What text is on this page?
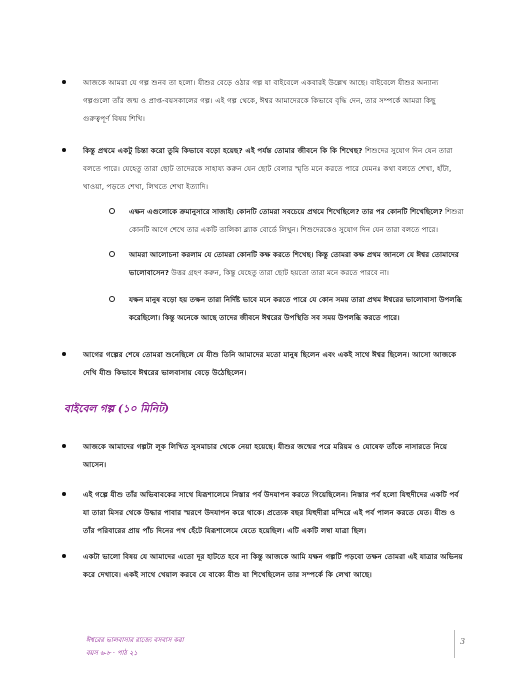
আজকে আমরা যে গল্প শুনব তা হলো। যীশুর বেড়ে ওঠার গল্প যা বাইবেলে একবারই উল্লেখ আছে। বাইবেলে যীশুর অন্যান্য গল্পগুলো তাঁর জন্ম ও প্রাপ্ত-বয়সকালের গল্প। এই গল্প থেকে, ঈশ্বর আমাদেরকে কিভাবে বৃদ্ধি দেন, তার সম্পর্কে আমরা কিছু গুরুত্বপূর্ণ বিষয় শিখি।
কিন্তু প্রথমে একটু চিন্তা করো তুমি কিভাবে বড়ো হয়েছ? এই পর্যন্ত তোমার জীবনে কি কি শিখেছ? শিশুদের সুযোগ দিন যেন তারা বলতে পারে। যেহেতু তারা ছোট তাদেরকে সাহায্য করুন যেন ছোট বেলার স্মৃতি মনে করতে পারে যেমনঃ কথা বলতে শেখা, হাঁটা, খাওয়া, পড়তে শেখা, লিখতে শেখা ইত্যাদি।
এক্ষন এগুলোকে ক্রমানুসারে সাজাই। কোনটি তোমরা সবচেয়ে প্রথমে শিখেছিলে? তার পর কোনটি শিখেছিলে? শিশুরা কোনটি আগে শেখে তার একটি তালিকা ব্ল্যাক বোর্ডে লিখুন। শিশুদেরকেও সুযোগ দিন যেন তারা বলতে পারে।
আমরা আলোচনা করলাম যে তোমরা কোনটি কক্ষ করতে শিখেছ। কিন্তু তোমরা কক্ষ প্রথম জানলে যে ঈশ্বর তোমাদের ভালোবাসেন? উত্তর গ্রহণ করুন, কিন্তু যেহেতু তারা ছোট হয়তো তারা মনে করতে পারবে না।
যক্ষন মানুষ বড়ো হয় তক্ষন তারা নির্দিষ্ট ভাবে মনে করতে পারে যে কোন সময় তারা প্রথম ঈশ্বরের ভালোবাসা উপলব্ধি করেছিলো। কিন্তু অনেকে আছে তাদের জীবনে ঈশ্বরের উপস্থিতি সব সময় উপলব্ধি করতে পারে।
আগের গল্পের শেষে তোমরা শুনেছিলে যে যীশু তিনি আমাদের মতো মানুষ ছিলেন এবং একই সাথে ঈশ্বর ছিলেন। আসো আজকে দেখি যীশু কিভাবে ঈশ্বরের ভালবাসায় বেড়ে উঠেছিলেন।
বাইবেল গল্প (১০ মিনিট)
আজকে আমাদের গল্পটা লূক লিখিত সুসমাচার থেকে নেয়া হয়েছে। যীশুর জন্মের পরে মরিয়ম ও যোষেফ তাঁকে নাসারতে নিয়ে আসেন।
এই গল্পে যীশু তাঁর অভিবাবকের সাথে যিরূশালেমে নিস্তার পর্ব উদযাপন করতে গিয়েছিলেন। নিস্তার পর্ব হলো যিহুদীদের একটি পর্ব যা তারা মিসর থেকে উদ্ধার পাবার স্মরণে উদযাপন করে থাকে। প্রত্যেক বছর যিহুদীরা মন্দিরে এই পর্ব পালন করতে যেত। যীশু ও তাঁর পরিবারের প্রায় পাঁচ দিনের পথ হেঁটে যিরূশালেমে যেতে হয়েছিল। এটি একটি লম্বা যাত্রা ছিল।
একটা ভালো বিষয় যে আমাদের এতো দূর হাটতে হবে না কিন্তু আজকে আমি যক্ষন গল্পটি পড়বো তক্ষন তোমরা এই যাত্রার অভিনয় করে দেখাবে। একই সাথে খেয়াল করবে যে বাক্যে যীশু যা শিখেছিলেন তার সম্পর্কে কি লেখা আছে।
ঈশ্বরের ভালবাসার রাজ্যে বসবাস করা
বয়স ৬-৮ · পাঠ ২১
3
